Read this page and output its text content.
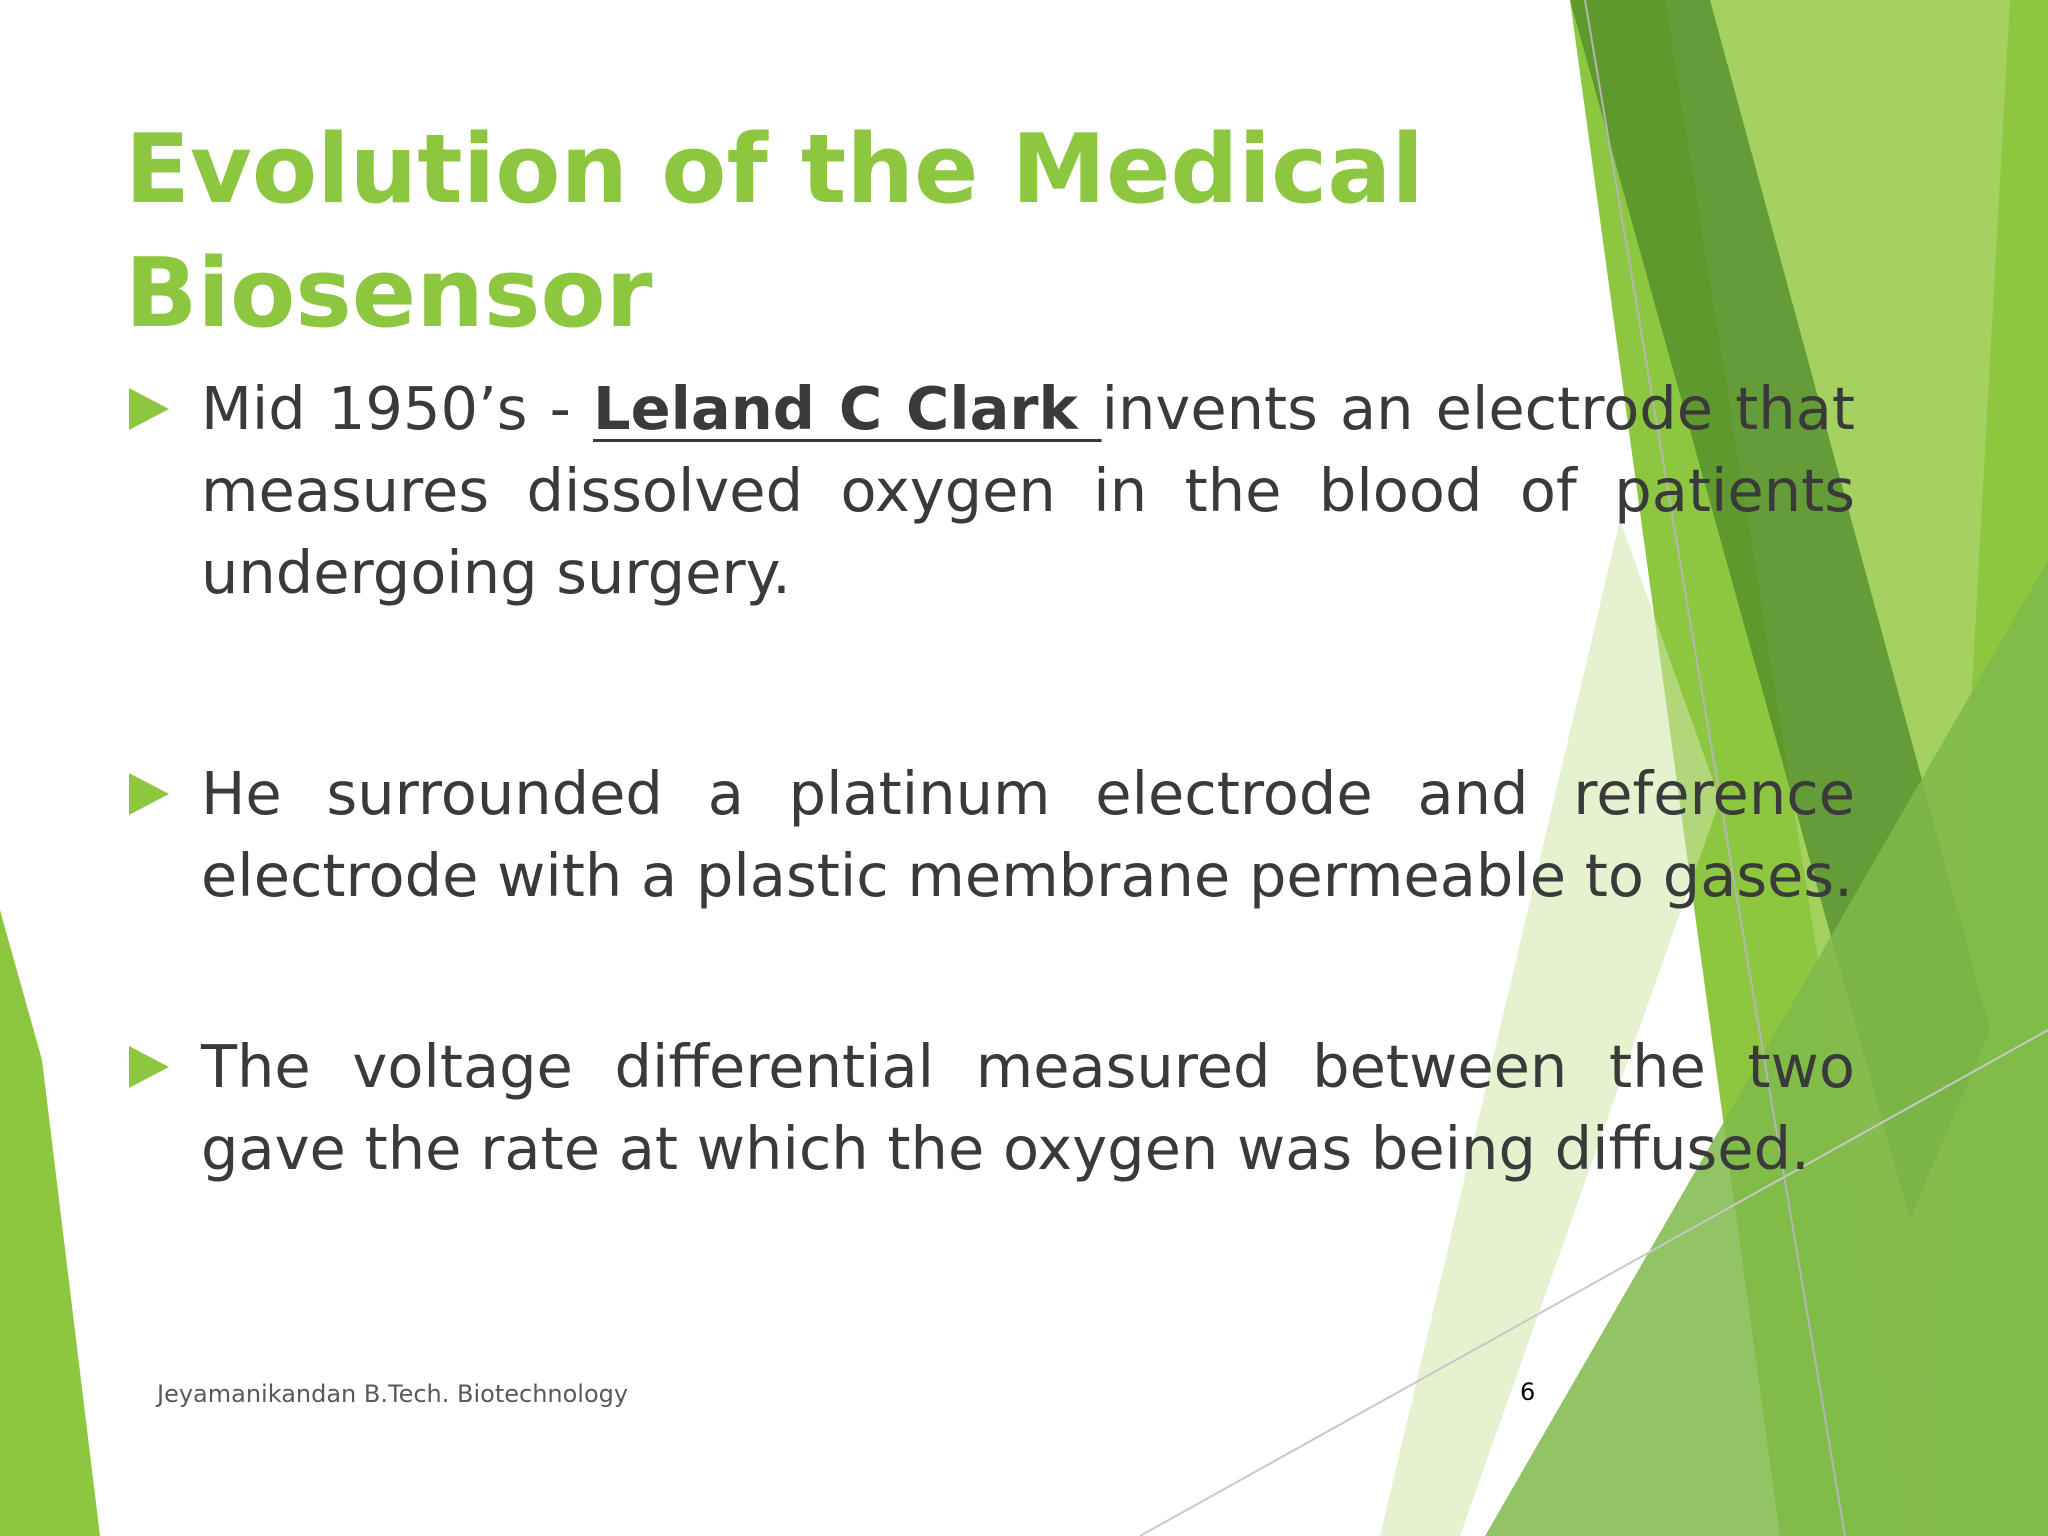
Evolution of the Medical Biosensor
Mid 1950’s - Leland C Clark invents an electrode that measures dissolved oxygen in the blood of patients undergoing surgery.
He surrounded a platinum electrode and reference electrode with a plastic membrane permeable to gases.
The voltage differential measured between the two gave the rate at which the oxygen was being diffused.
Jeyamanikandan B.Tech. Biotechnology	6
